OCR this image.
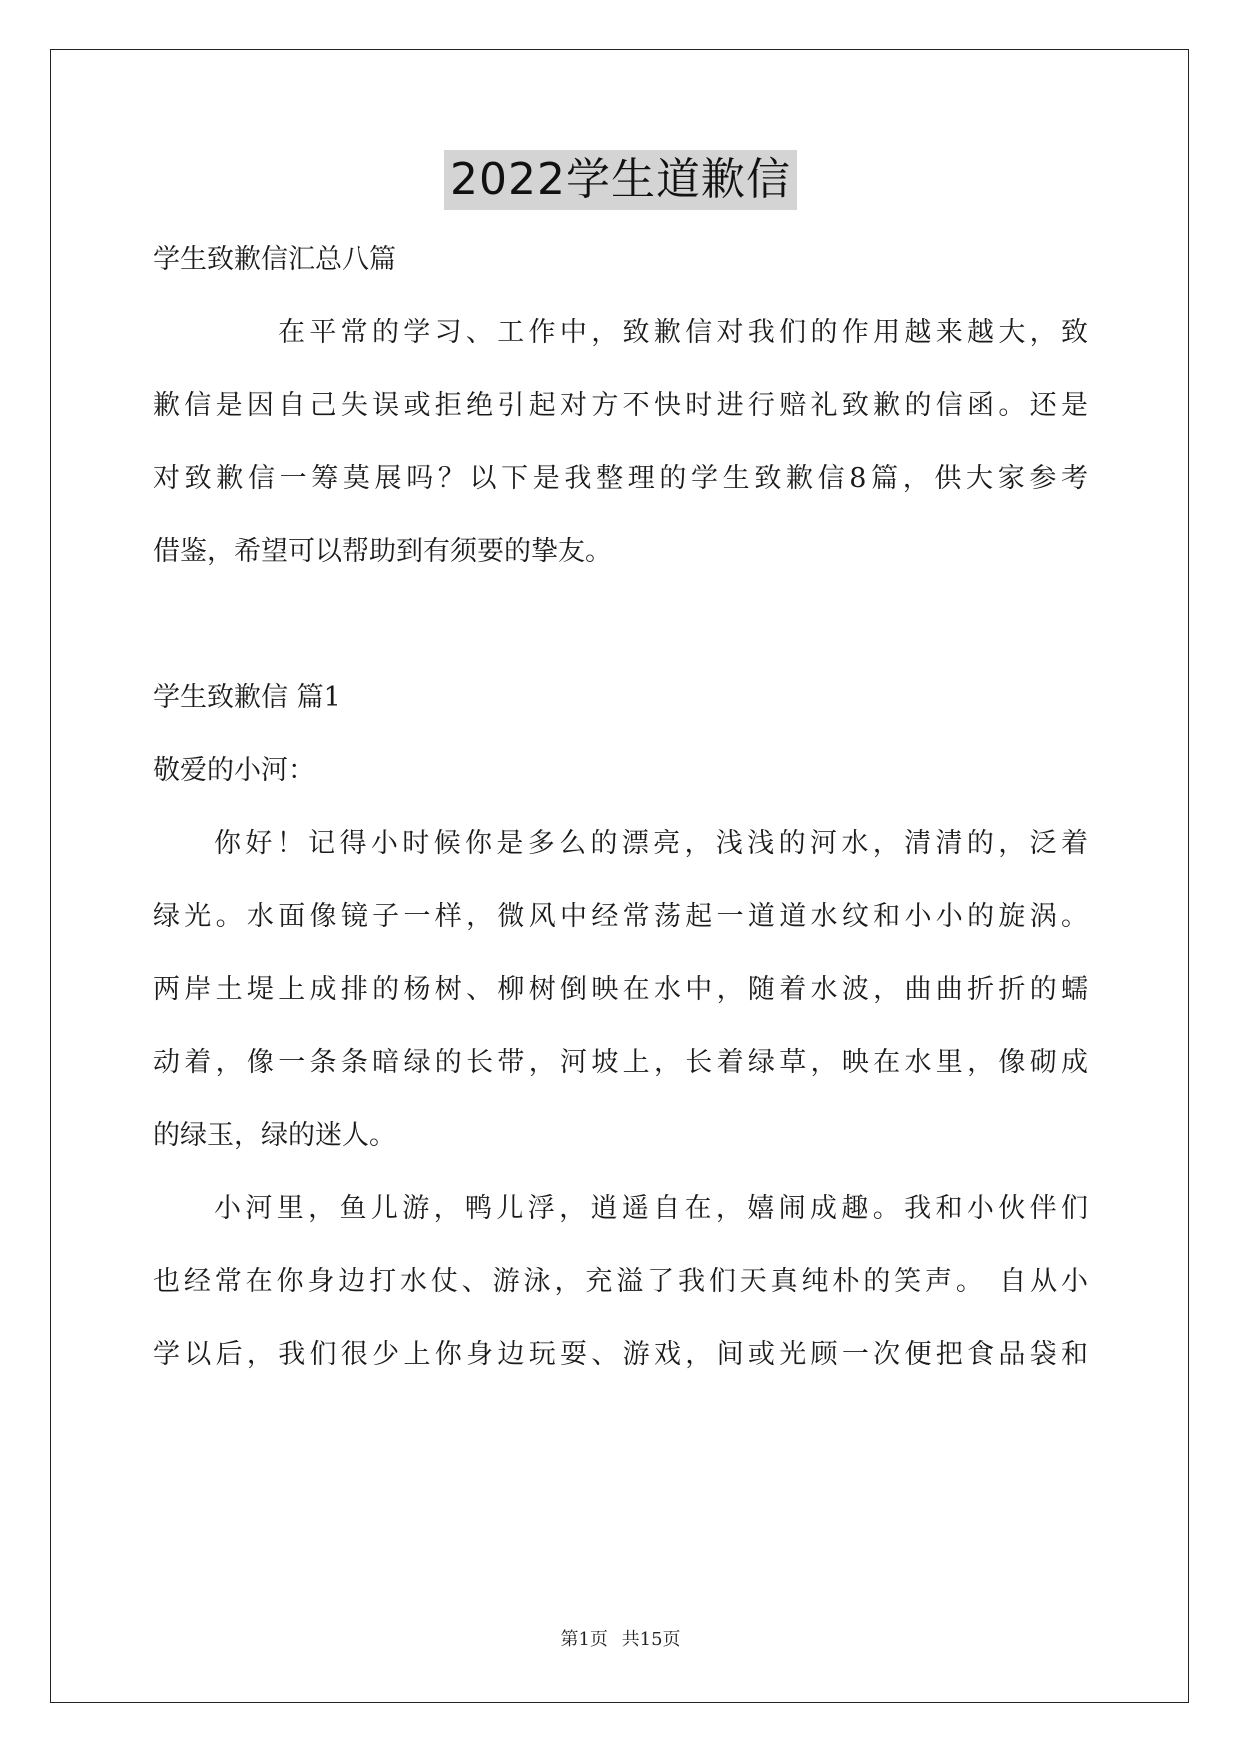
2022学生道歉信
学生致歉信汇总八篇
在平常的学习、工作中，致歉信对我们的作用越来越大，致
歉信是因自己失误或拒绝引起对方不快时进行赔礼致歉的信函。还是
对致歉信一筹莫展吗？以下是我整理的学生致歉信8篇，供大家参考
借鉴，希望可以帮助到有须要的挚友。
学生致歉信 篇1
敬爱的小河：
你好！记得小时候你是多么的漂亮，浅浅的河水，清清的，泛着
绿光。水面像镜子一样，微风中经常荡起一道道水纹和小小的旋涡。
两岸土堤上成排的杨树、柳树倒映在水中，随着水波，曲曲折折的蠕
动着，像一条条暗绿的长带，河坡上，长着绿草，映在水里，像砌成
的绿玉，绿的迷人。
小河里，鱼儿游，鸭儿浮，逍遥自在，嬉闹成趣。我和小伙伴们
也经常在你身边打水仗、游泳，充溢了我们天真纯朴的笑声。 自从小
学以后，我们很少上你身边玩耍、游戏，间或光顾一次便把食品袋和
第1页 共15页
